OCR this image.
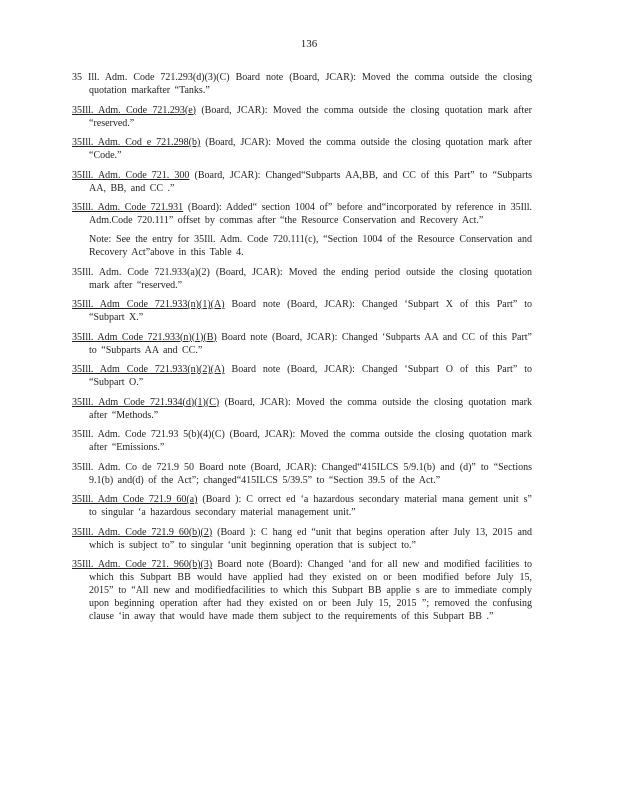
136
35 Ill. Adm. Code 721.293(d)(3)(C) Board note (Board, JCAR): Moved the comma outside the closing quotation markafter “Tanks.”
35Ill. Adm. Code 721.293(e) (Board, JCAR): Moved the comma outside the closing quotation mark after “reserved.”
35Ill. Adm. Cod e 721.298(b) (Board, JCAR): Moved the comma outside the closing quotation mark after “Code.”
35Ill. Adm. Code 721. 300 (Board, JCAR): Changed“Subparts AA,BB, and CC of this Part” to “Subparts AA, BB, and CC .”
35Ill. Adm. Code 721.931 (Board): Added“ section 1004 of” before and“incorporated by reference in 35Ill. Adm.Code 720.111” offset by commas after “the Resource Conservation and Recovery Act.”
Note: See the entry for 35Ill. Adm. Code 720.111(c), “Section 1004 of the Resource Conservation and Recovery Act”above in this Table 4.
35Ill. Adm. Code 721.933(a)(2) (Board, JCAR): Moved the ending period outside the closing quotation mark after “reserved.”
35Ill. Adm Code 721.933(n)(1)(A) Board note (Board, JCAR): Changed ‘Subpart X of this Part” to “Subpart X.”
35Ill. Adm Code 721.933(n)(1)(B) Board note (Board, JCAR): Changed ‘Subparts AA and CC of this Part” to “Subparts AA and CC.”
35Ill. Adm Code 721.933(n)(2)(A) Board note (Board, JCAR): Changed ‘Subpart O of this Part” to “Subpart O.”
35Ill. Adm Code 721.934(d)(1)(C) (Board, JCAR): Moved the comma outside the closing quotation mark after “Methods.”
35Ill. Adm. Code 721.93 5(b)(4)(C) (Board, JCAR): Moved the comma outside the closing quotation mark after “Emissions.”
35Ill. Adm. Co de 721.9 50 Board note (Board, JCAR): Changed“415ILCS 5/9.1(b) and (d)” to “Sections 9.1(b) and(d) of the Act”; changed“415ILCS 5/39.5” to “Section 39.5 of the Act.”
35Ill. Adm Code 721.9 60(a) (Board ): C orrect ed ‘a hazardous secondary material mana gement unit s” to singular ‘a hazardous secondary material management unit.”
35Ill. Adm. Code 721.9 60(b)(2) (Board ): C hang ed “unit that begins operation after July 13, 2015 and which is subject to” to singular ‘unit beginning operation that is subject to.”
35Ill. Adm. Code 721. 960(b)(3) Board note (Board): Changed ‘and for all new and modified facilities to which this Subpart BB would have applied had they existed on or been modified before July 15, 2015” to “All new and modifiedfacilities to which this Subpart BB applie s are to immediate comply upon beginning operation after had they existed on or been July 15, 2015 ”; removed the confusing clause ‘in away that would have made them subject to the requirements of this Subpart BB .”
